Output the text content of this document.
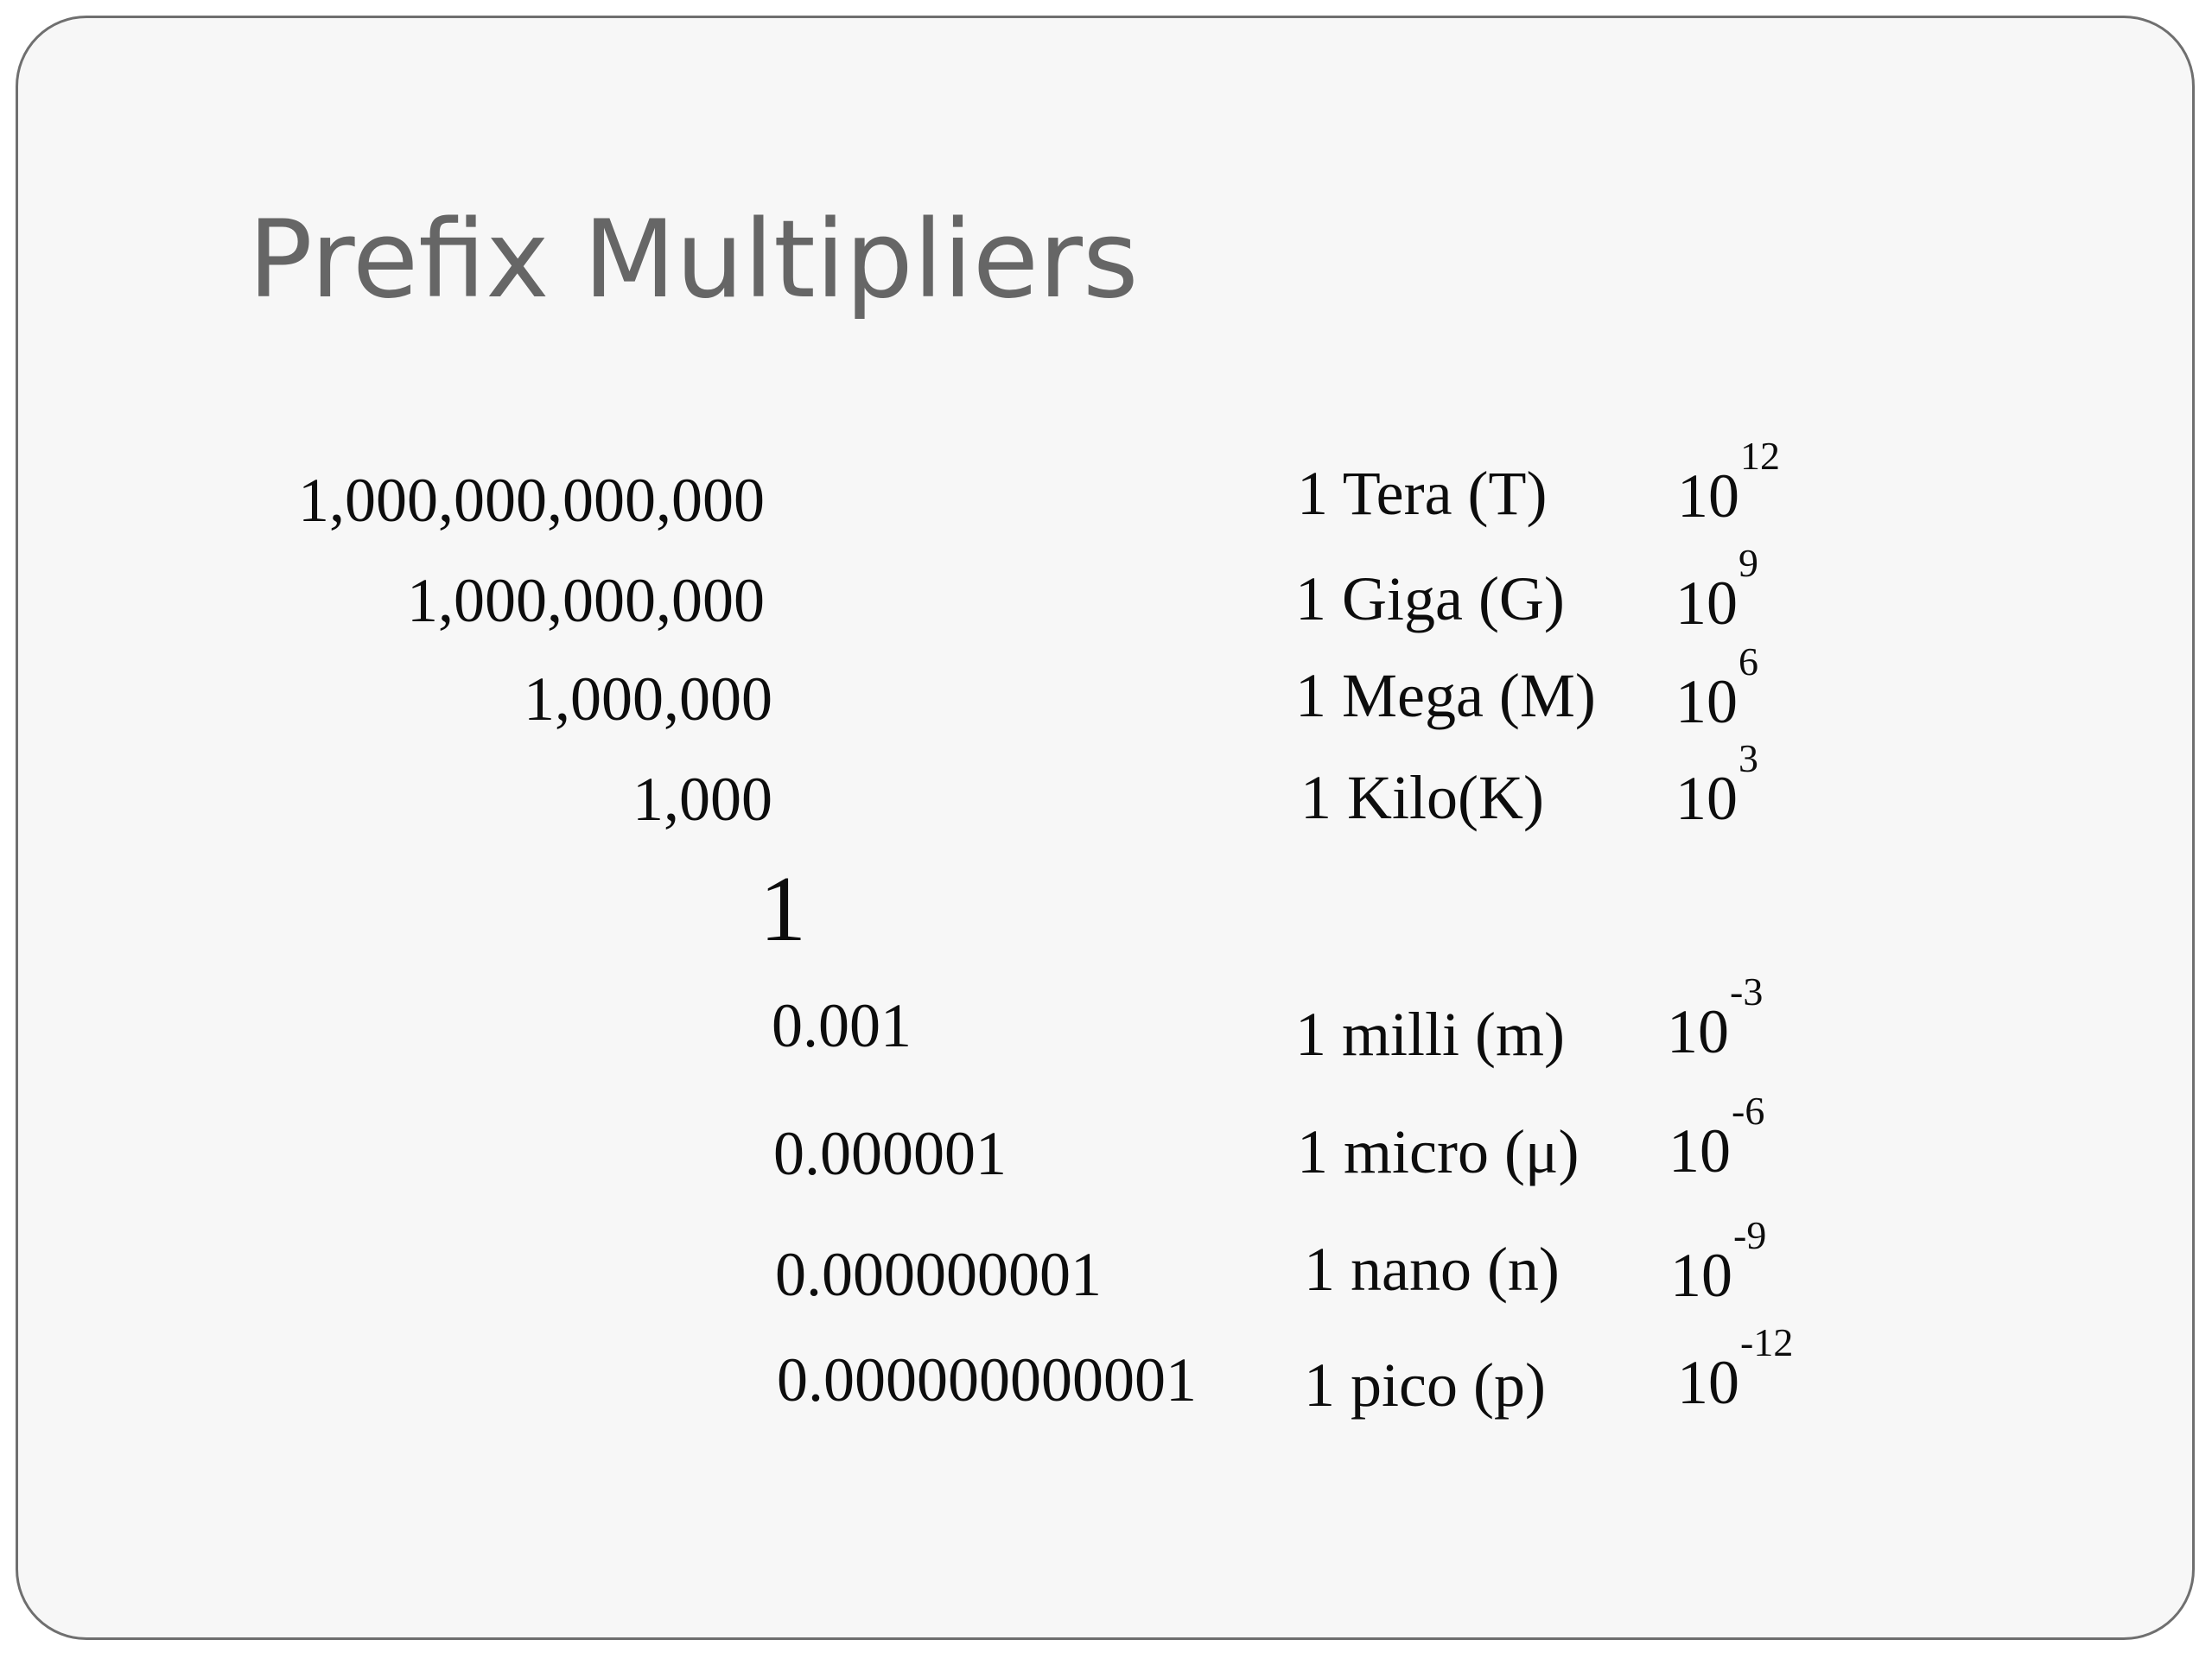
Prefix Multipliers
1,000,000,000,000	1 Tera (T) $10^{12}$
1,000,000,000	1 Giga (G) $10^9$
1,000,000	1 Mega (M) $10^6$
1,000	1 Kilo(K) $10^3$
1
0.001	1 milli (m) $10^{-3}$
0.000001	1 micro (μ) $10^{-6}$
0.000000001	1 nano (n) $10^{-9}$
0.000000000001 1 pico (p) $10^{-12}$
